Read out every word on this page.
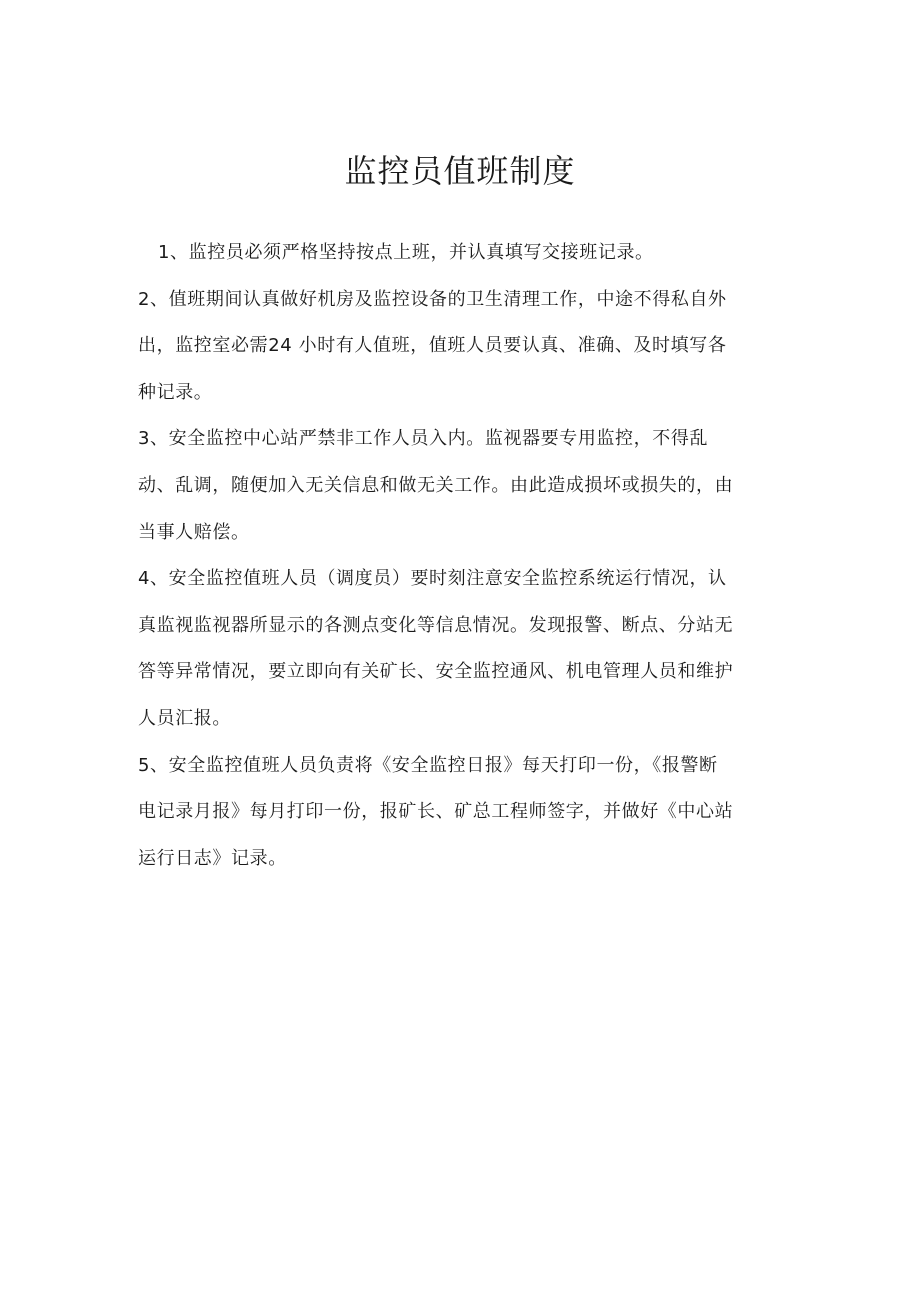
监控员值班制度

1、监控员必须严格坚持按点上班，并认真填写交接班记录。

2、值班期间认真做好机房及监控设备的卫生清理工作，中途不得私自外
出，监控室必需24 小时有人值班，值班人员要认真、准确、及时填写各
种记录。

3、安全监控中心站严禁非工作人员入内。监视器要专用监控，不得乱
动、乱调，随便加入无关信息和做无关工作。由此造成损坏或损失的，由
当事人赔偿。

4、安全监控值班人员（调度员）要时刻注意安全监控系统运行情况，认
真监视监视器所显示的各测点变化等信息情况。发现报警、断点、分站无
答等异常情况，要立即向有关矿长、安全监控通风、机电管理人员和维护
人员汇报。

5、安全监控值班人员负责将《安全监控日报》每天打印一份，《报警断
电记录月报》每月打印一份，报矿长、矿总工程师签字，并做好《中心站
运行日志》记录。
